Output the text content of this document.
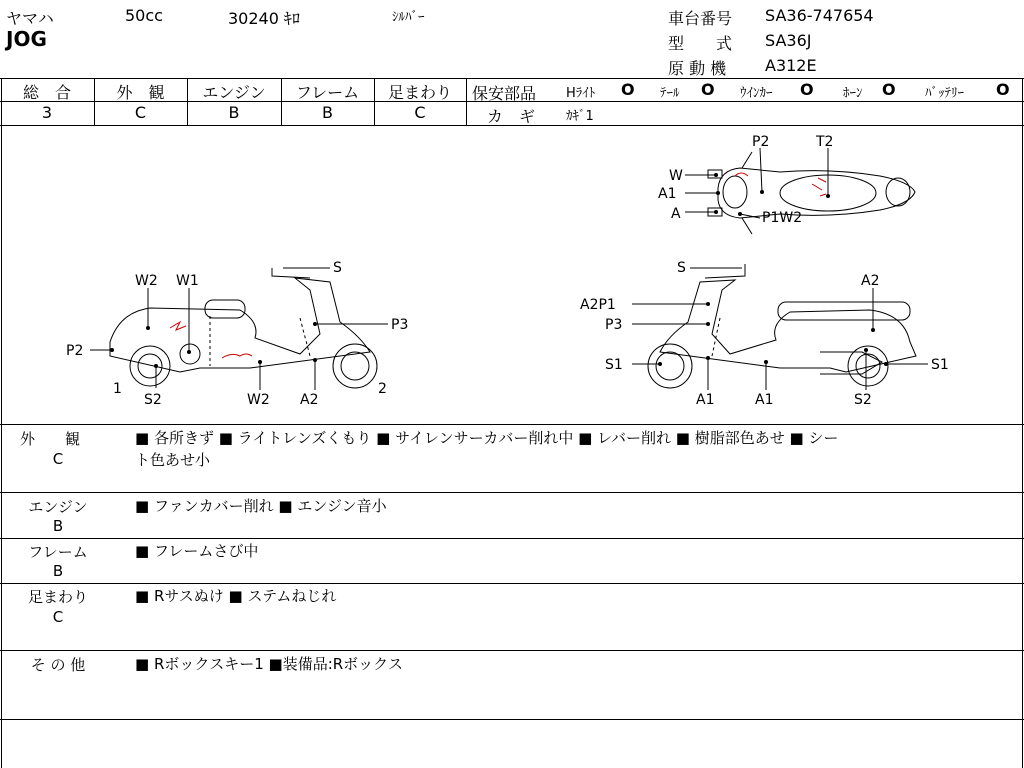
ヤマハ	50cc	30240 ｷﾛ	ｼﾙﾊﾞｰ
JOG
車台番号 SA36-747654
型　　式 SA36J
原 動 機 A312E
総　合
3
外　観
C
エンジン
B
フレーム
B
足まわり
C
保安部品 Hﾗｲﾄ O ﾃｰﾙ O ｳｲﾝｶｰ O ﾎｰﾝ O ﾊﾞｯﾃﾘｰ O
カ　ギ ｶｷﾞ1
P2	T2
W
A1
A	P1W2
S
W2 W1
P3
P2
1
S2	W2 A2
2
S
A2
A2P1
P3
S1	S1
A1	A1	S2
外　　観
C
■ 各所きず ■ ライトレンズくもり ■ サイレンサーカバー削れ中 ■ レバー削れ ■ 樹脂部色あせ ■ シー
ト色あせ小
エンジン
B
■ ファンカバー削れ ■ エンジン音小
フレーム
B
■ フレームさび中
足まわり
C
■ Rサスぬけ ■ ステムねじれ
そ の 他	■ Rボックスキー1 ■装備品:Rボックス
